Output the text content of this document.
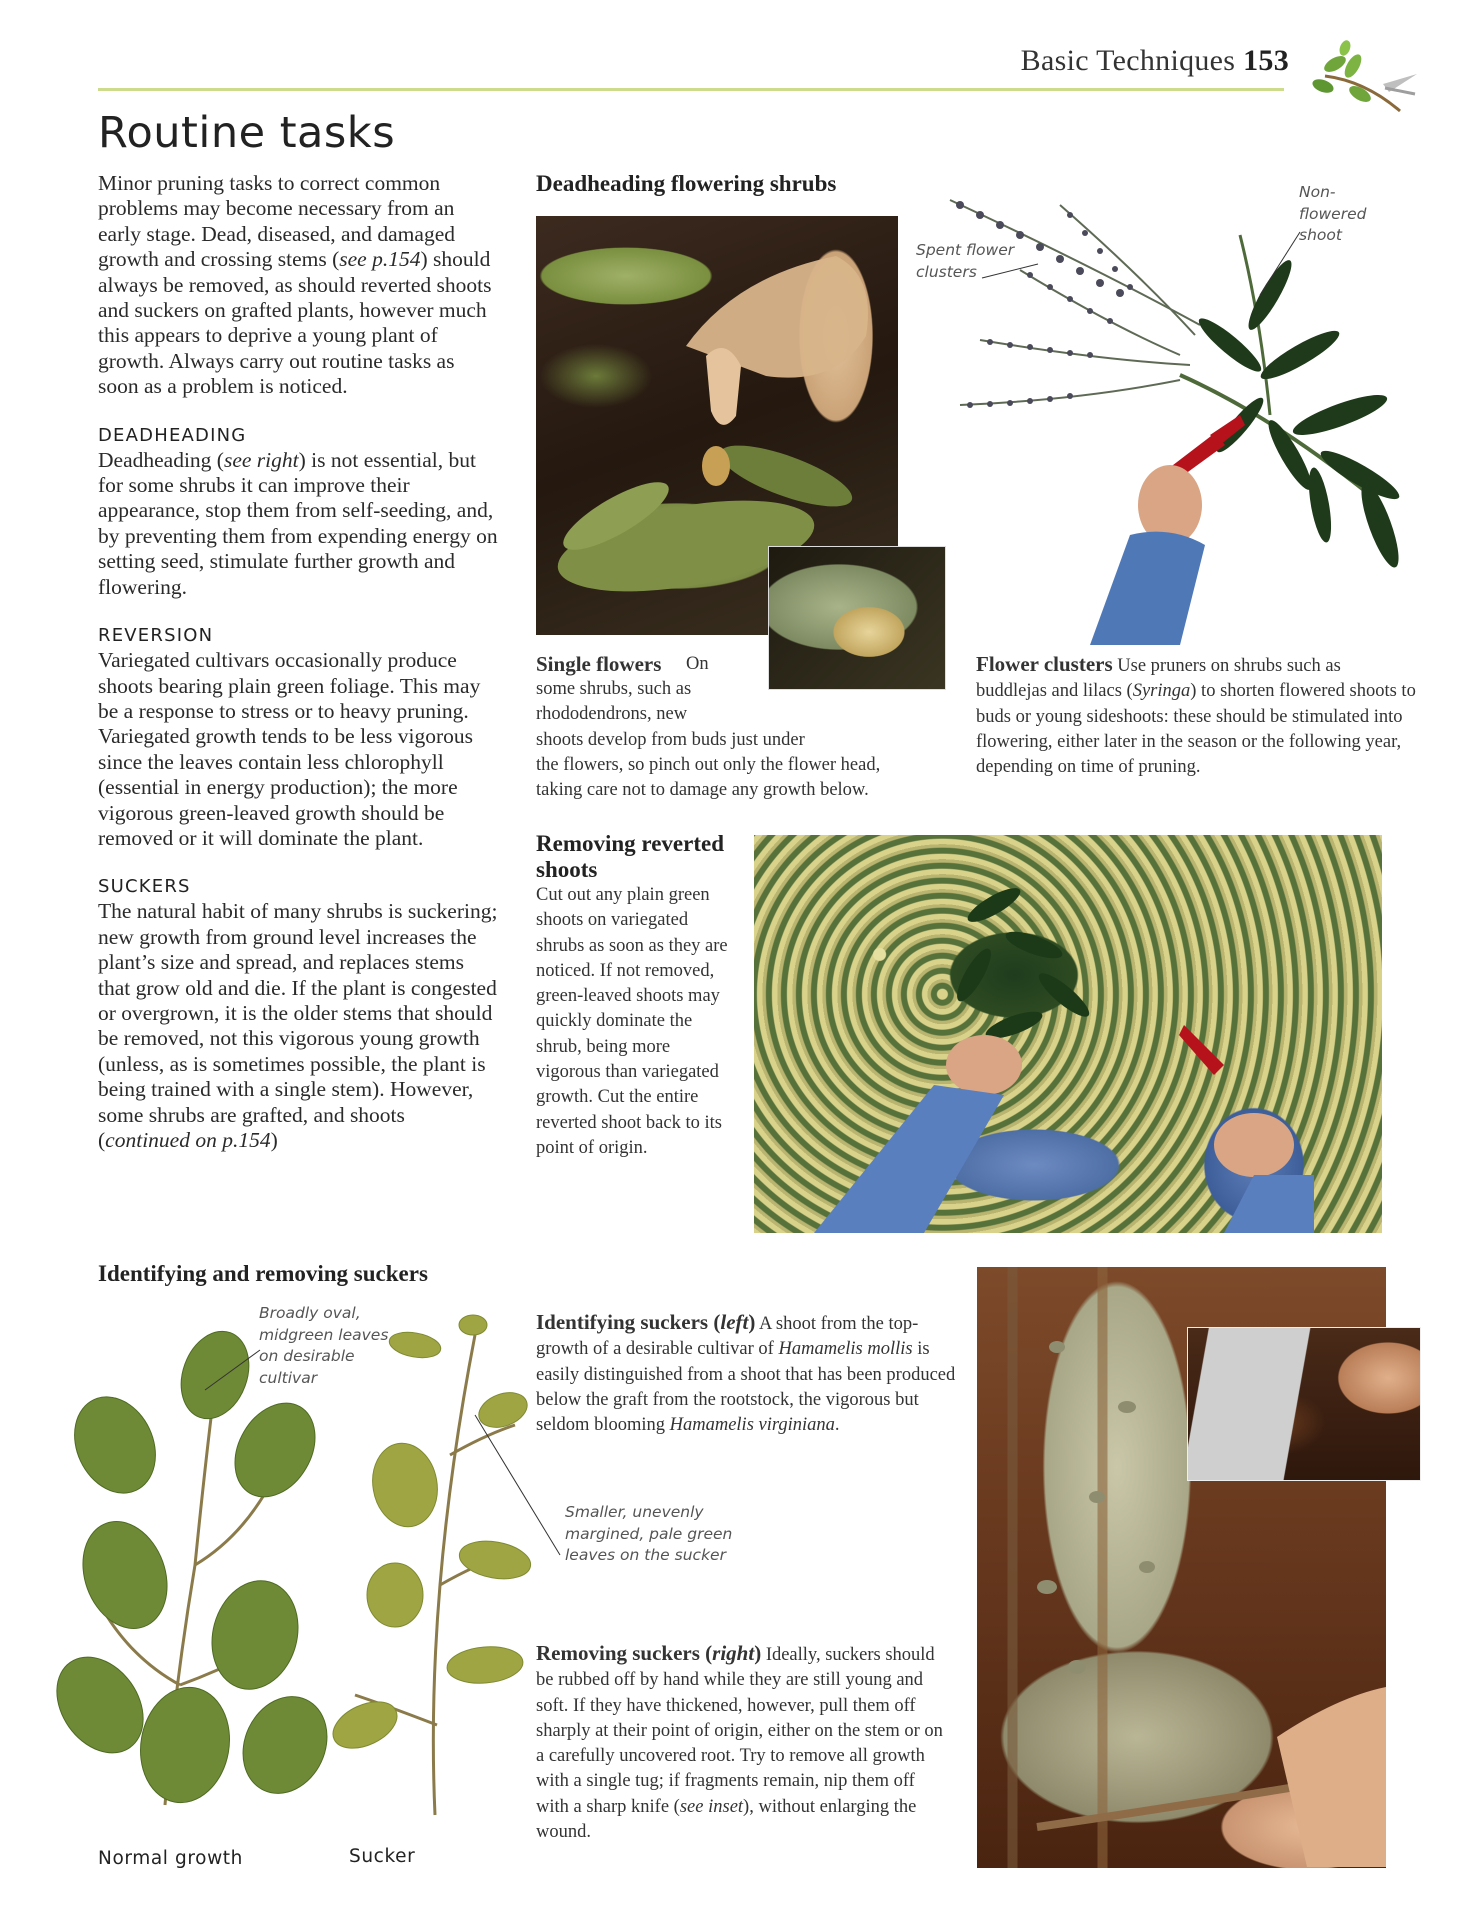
Basic Techniques 153
Routine tasks

Minor pruning tasks to correct common problems may become necessary from an early stage. Dead, diseased, and damaged growth and crossing stems (see p.154) should always be removed, as should reverted shoots and suckers on grafted plants, however much this appears to deprive a young plant of growth. Always carry out routine tasks as soon as a problem is noticed.

DEADHEADING

Deadheading (see right) is not essential, but for some shrubs it can improve their appearance, stop them from self-seeding, and, by preventing them from expending energy on setting seed, stimulate further growth and flowering.

REVERSION

Variegated cultivars occasionally produce shoots bearing plain green foliage. This may be a response to stress or to heavy pruning. Variegated growth tends to be less vigorous since the leaves contain less chlorophyll (essential in energy production); the more vigorous green-leaved growth should be removed or it will dominate the plant.

SUCKERS

The natural habit of many shrubs is suckering; new growth from ground level increases the plant’s size and spread, and replaces stems that grow old and die. If the plant is congested or overgrown, it is the older stems that should be removed, not this vigorous young growth (unless, as is sometimes possible, the plant is being trained with a single stem). However, some shrubs are grafted, and shoots (continued on p.154)

Deadheading flowering shrubs
Single flowers	On
some shrubs, such as
rhododendrons, new
shoots develop from buds just under
the flowers, so pinch out only the flower head,
taking care not to damage any growth below.
Spent flower clusters
Non-flowered shoot
Flower clusters Use pruners on shrubs such as buddlejas and lilacs (Syringa) to shorten flowered shoots to buds or young sideshoots: these should be stimulated into flowering, either later in the season or the following year, depending on time of pruning.
Removing reverted shoots
Cut out any plain green shoots on variegated shrubs as soon as they are noticed. If not removed, green-leaved shoots may quickly dominate the shrub, being more vigorous than variegated growth. Cut the entire reverted shoot back to its point of origin.
Identifying and removing suckers
Broadly oval, midgreen leaves on desirable cultivar
Smaller, unevenly margined, pale green leaves on the sucker
Normal growth	Sucker
Identifying suckers (left) A shoot from the top-growth of a desirable cultivar of Hamamelis mollis is easily distinguished from a shoot that has been produced below the graft from the rootstock, the vigorous but seldom blooming Hamamelis virginiana.
Removing suckers (right) Ideally, suckers should be rubbed off by hand while they are still young and soft. If they have thickened, however, pull them off sharply at their point of origin, either on the stem or on a carefully uncovered root. Try to remove all growth with a single tug; if fragments remain, nip them off with a sharp knife (see inset), without enlarging the wound.
